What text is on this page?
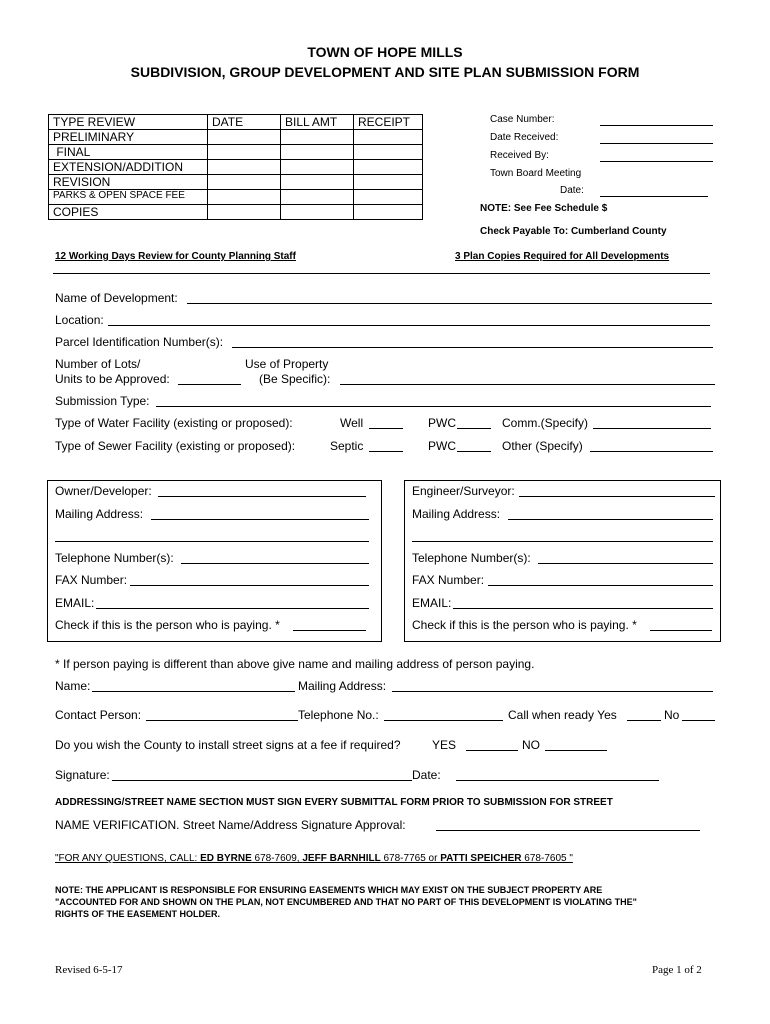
TOWN OF HOPE MILLS
SUBDIVISION, GROUP DEVELOPMENT AND SITE PLAN SUBMISSION FORM
TYPE REVIEW	DATE	BILL AMT	RECEIPT
PRELIMINARY			
FINAL			
EXTENSION/ADDITION			
REVISION			
PARKS & OPEN SPACE FEE			
COPIES			
Case Number:
Date Received:
Received By:
Town Board Meeting
Date:
NOTE: See Fee Schedule $
Check Payable To: Cumberland County
12 Working Days Review for County Planning Staff	3 Plan Copies Required for All Developments
Name of Development:
Location:
Parcel Identification Number(s):
Number of Lots/
Units to be Approved:
Use of Property
(Be Specific):
Submission Type:
Type of Water Facility (existing or proposed):	Well	PWC	Comm.(Specify)
Type of Sewer Facility (existing or proposed):	Septic	PWC	Other (Specify)
Owner/Developer:
Mailing Address:
Telephone Number(s):
FAX Number:
EMAIL:
Check if this is the person who is paying. *
Engineer/Surveyor:
Mailing Address:
Telephone Number(s):
FAX Number:
EMAIL:
Check if this is the person who is paying. *
* If person paying is different than above give name and mailing address of person paying.
Name:	Mailing Address:
Contact Person:	Telephone No.:	Call when ready Yes	No
Do you wish the County to install street signs at a fee if required?	YES	NO
Signature:	Date:
ADDRESSING/STREET NAME SECTION MUST SIGN EVERY SUBMITTAL FORM PRIOR TO SUBMISSION FOR STREET
NAME VERIFICATION. Street Name/Address Signature Approval:
"FOR ANY QUESTIONS, CALL: ED BYRNE 678-7609, JEFF BARNHILL 678-7765 or PATTI SPEICHER 678-7605 "
NOTE: THE APPLICANT IS RESPONSIBLE FOR ENSURING EASEMENTS WHICH MAY EXIST ON THE SUBJECT PROPERTY ARE
"ACCOUNTED FOR AND SHOWN ON THE PLAN, NOT ENCUMBERED AND THAT NO PART OF THIS DEVELOPMENT IS VIOLATING THE"
RIGHTS OF THE EASEMENT HOLDER.
Revised 6-5-17	Page 1 of 2
